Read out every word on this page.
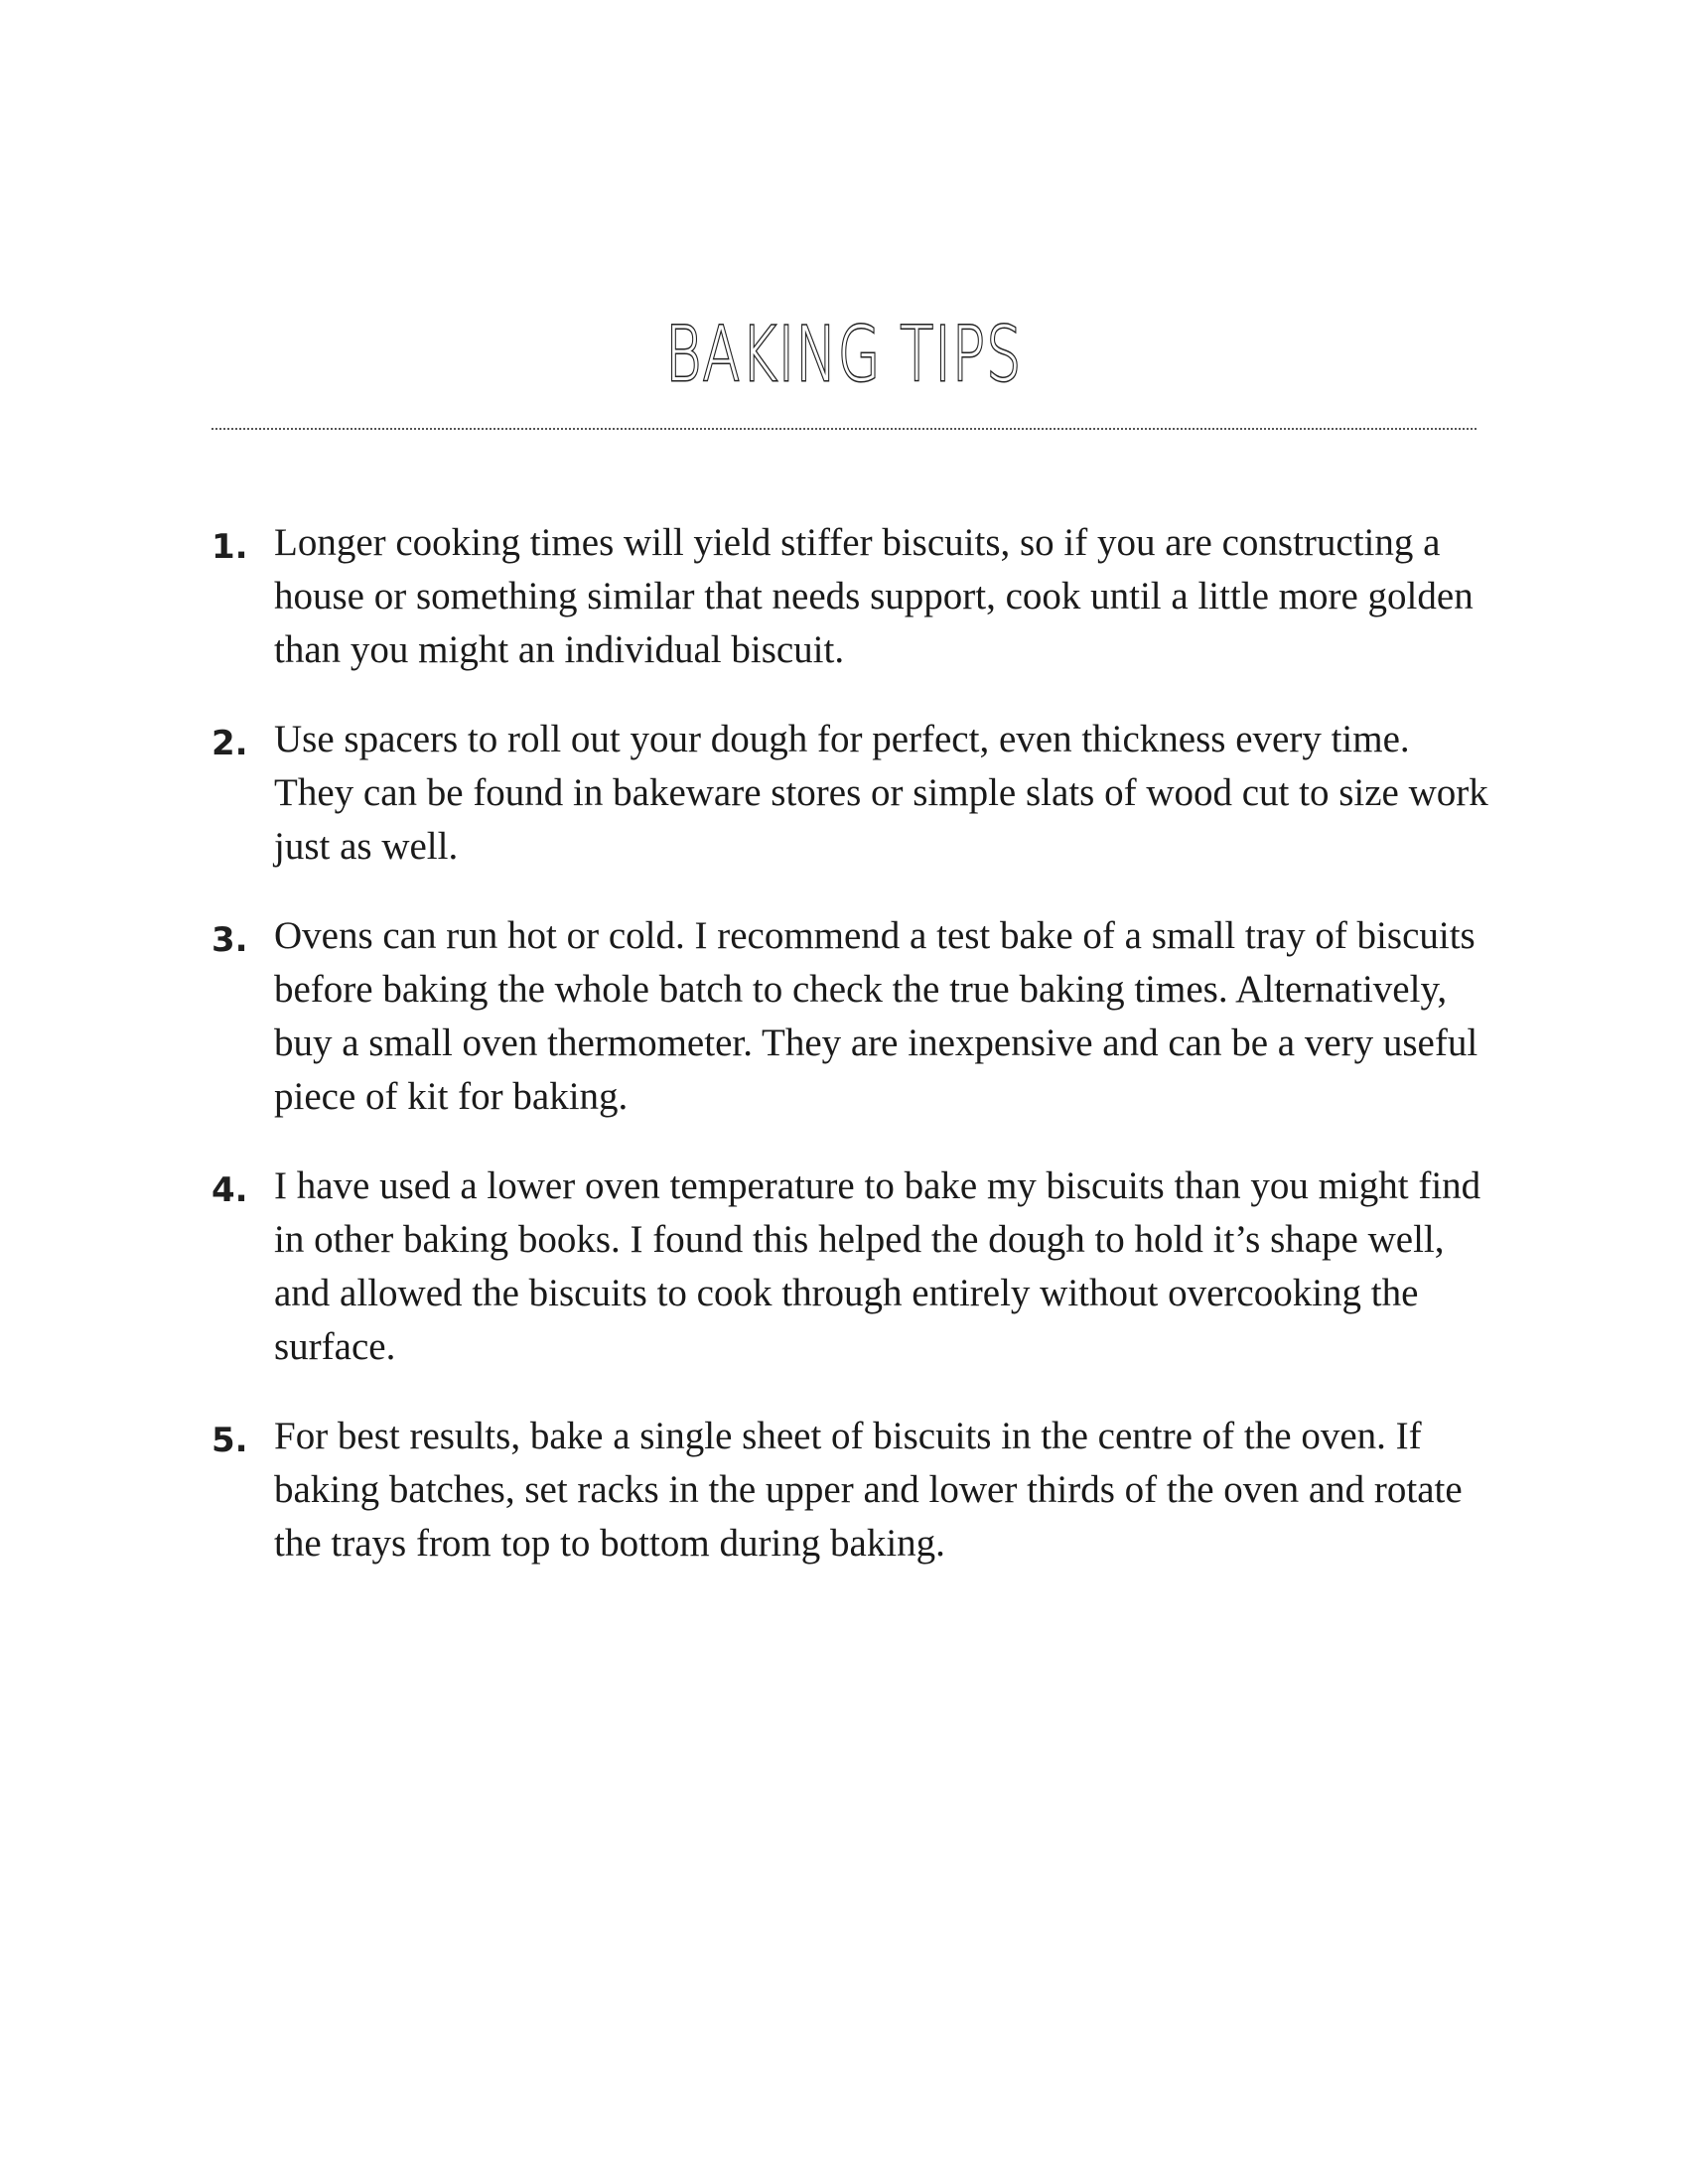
BAKING TIPS
1. Longer cooking times will yield stiffer biscuits, so if you are constructing a house or something similar that needs support, cook until a little more golden than you might an individual biscuit.
2. Use spacers to roll out your dough for perfect, even thickness every time. They can be found in bakeware stores or simple slats of wood cut to size work just as well.
3. Ovens can run hot or cold. I recommend a test bake of a small tray of biscuits before baking the whole batch to check the true baking times. Alternatively, buy a small oven thermometer. They are inexpensive and can be a very useful piece of kit for baking.
4. I have used a lower oven temperature to bake my biscuits than you might find in other baking books. I found this helped the dough to hold it’s shape well, and allowed the biscuits to cook through entirely without overcooking the surface.
5. For best results, bake a single sheet of biscuits in the centre of the oven. If baking batches, set racks in the upper and lower thirds of the oven and rotate the trays from top to bottom during baking.
